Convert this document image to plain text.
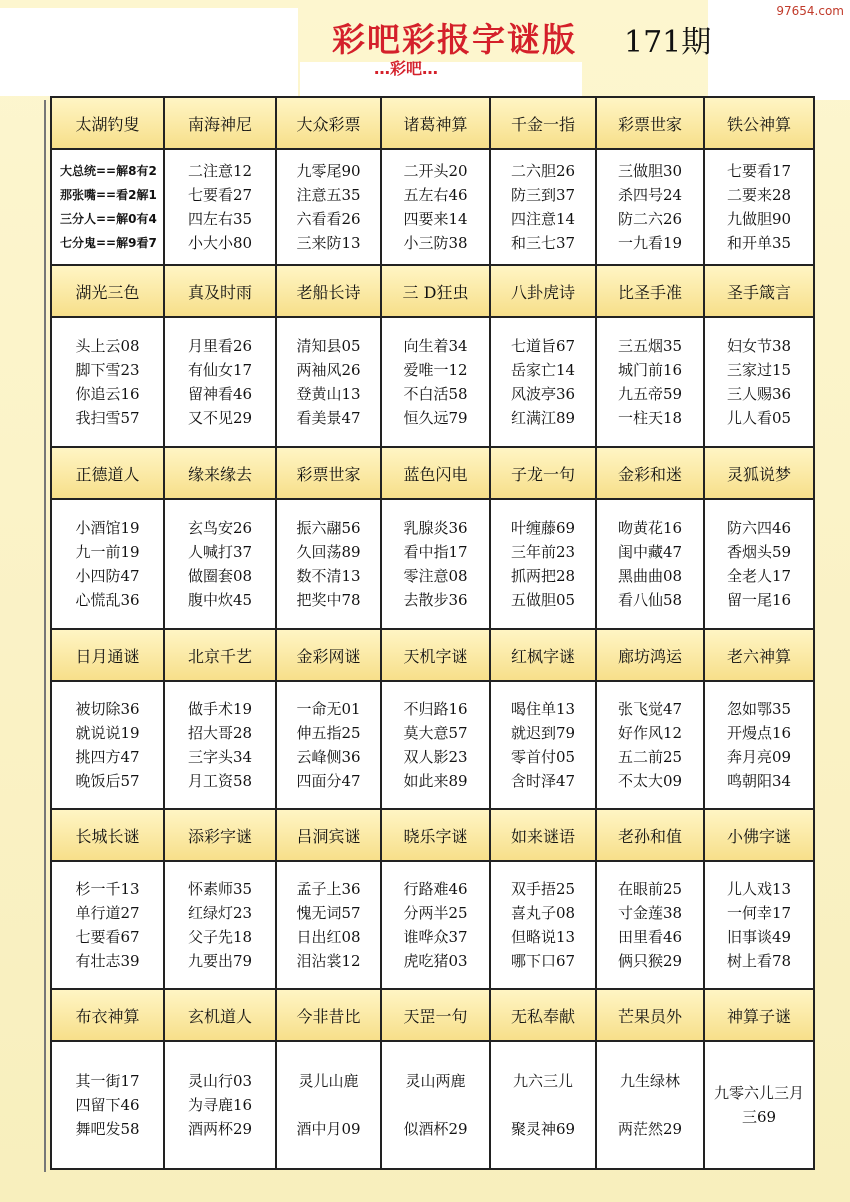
彩吧彩报字谜版 171期
97654.com
太湖钓叟	南海神尼	大众彩票	诸葛神算	千金一指	彩票世家	铁公神算

大总统==解8有2
那张嘴==看2解1
三分人==解0有4
七分鬼==解9看7	二注意12
七要看27
四左右35
小大小80	九零尾90
注意五35
六看看26
三来防13	二开头20
五左右46
四要来14
小三防38	二六胆26
防三到37
四注意14
和三七37	三做胆30
杀四号24
防二六26
一九看19	七要看17
二要来28
九做胆90
和开单35

湖光三色	真及时雨	老船长诗	三 D狂虫	八卦虎诗	比圣手准	圣手箴言

头上云08
脚下雪23
你追云16
我扫雪57	月里看26
有仙女17
留神看46
又不见29	清知县05
两袖风26
登黄山13
看美景47	向生着34
爱唯一12
不白活58
恒久远79	七道旨67
岳家亡14
风波亭36
红满江89	三五烟35
城门前16
九五帝59
一柱天18	妇女节38
三家过15
三人赐36
儿人看05

正德道人	缘来缘去	彩票世家	蓝色闪电	子龙一句	金彩和迷	灵狐说梦

小酒馆19
九一前19
小四防47
心慌乱36	玄鸟安26
人喊打37
做圈套08
腹中炊45	振六翮56
久回荡89
数不清13
把奖中78	乳腺炎36
看中指17
零注意08
去散步36	叶缠藤69
三年前23
抓两把28
五做胆05	吻黄花16
闺中藏47
黑曲曲08
看八仙58	防六四46
香烟头59
全老人17
留一尾16

日月通谜	北京千艺	金彩网谜	天机字谜	红枫字谜	廊坊鸿运	老六神算

被切除36
就说说19
挑四方47
晚饭后57	做手术19
招大哥28
三字头34
月工资58	一命无01
伸五指25
云峰侧36
四面分47	不归路16
莫大意57
双人影23
如此来89	喝住单13
就迟到79
零首付05
含时泽47	张飞觉47
好作风12
五二前25
不太大09	忽如鄂35
开熳点16
奔月亮09
鸣朝阳34

长城长谜	添彩字谜	吕洞宾谜	晓乐字谜	如来谜语	老孙和值	小佛字谜

杉一千13
单行道27
七要看67
有壮志39	怀素师35
红绿灯23
父子先18
九要出79	孟子上36
愧无词57
日出红08
泪沾裳12	行路难46
分两半25
谁哗众37
虎吃猪03	双手捂25
喜丸子08
但略说13
哪下口67	在眼前25
寸金莲38
田里看46
俩只猴29	儿人戏13
一何幸17
旧事谈49
树上看78

布衣神算	玄机道人	今非昔比	天罡一句	无私奉献	芒果员外	神算子谜

其一街17
四留下46
舞吧发58	灵山行03
为寻鹿16
酒两杯29	灵儿山鹿
酒中月09	灵山两鹿
似酒杯29	九六三儿
聚灵神69	九生绿林
两茫然29	九零六儿三月
三69
